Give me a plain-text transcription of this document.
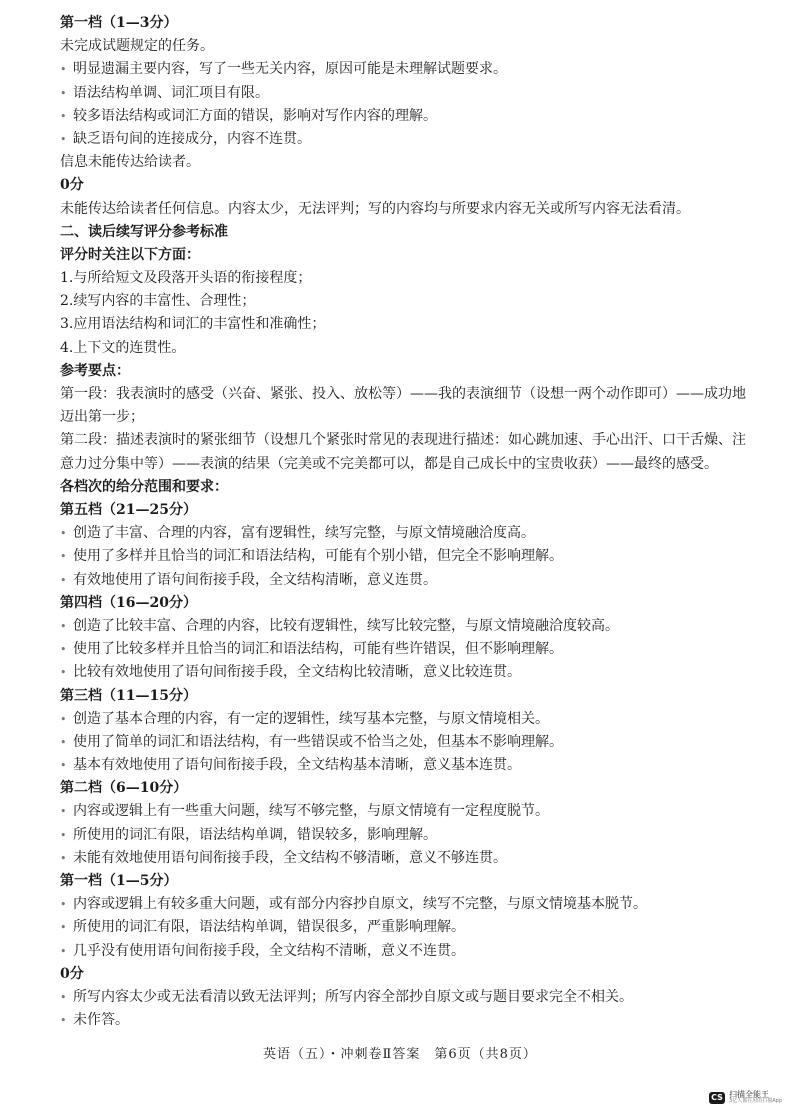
第一档（1—3分）
未完成试题规定的任务。
• 明显遗漏主要内容，写了一些无关内容，原因可能是未理解试题要求。
• 语法结构单调、词汇项目有限。
• 较多语法结构或词汇方面的错误，影响对写作内容的理解。
• 缺乏语句间的连接成分，内容不连贯。
信息未能传达给读者。
0分
未能传达给读者任何信息。内容太少，无法评判；写的内容均与所要求内容无关或所写内容无法看清。
二、读后续写评分参考标准
评分时关注以下方面：
1.与所给短文及段落开头语的衔接程度；
2.续写内容的丰富性、合理性；
3.应用语法结构和词汇的丰富性和准确性；
4.上下文的连贯性。
参考要点：
第一段：我表演时的感受（兴奋、紧张、投入、放松等）——我的表演细节（设想一两个动作即可）——成功地迈出第一步；
第二段：描述表演时的紧张细节（设想几个紧张时常见的表现进行描述：如心跳加速、手心出汗、口干舌燥、注意力过分集中等）——表演的结果（完美或不完美都可以，都是自己成长中的宝贵收获）——最终的感受。
各档次的给分范围和要求：
第五档（21—25分）
• 创造了丰富、合理的内容，富有逻辑性，续写完整，与原文情境融洽度高。
• 使用了多样并且恰当的词汇和语法结构，可能有个别小错，但完全不影响理解。
• 有效地使用了语句间衔接手段，全文结构清晰，意义连贯。
第四档（16—20分）
• 创造了比较丰富、合理的内容，比较有逻辑性，续写比较完整，与原文情境融洽度较高。
• 使用了比较多样并且恰当的词汇和语法结构，可能有些许错误，但不影响理解。
• 比较有效地使用了语句间衔接手段，全文结构比较清晰，意义比较连贯。
第三档（11—15分）
• 创造了基本合理的内容，有一定的逻辑性，续写基本完整，与原文情境相关。
• 使用了简单的词汇和语法结构，有一些错误或不恰当之处，但基本不影响理解。
• 基本有效地使用了语句间衔接手段，全文结构基本清晰，意义基本连贯。
第二档（6—10分）
• 内容或逻辑上有一些重大问题，续写不够完整，与原文情境有一定程度脱节。
• 所使用的词汇有限，语法结构单调，错误较多，影响理解。
• 未能有效地使用语句间衔接手段，全文结构不够清晰，意义不够连贯。
第一档（1—5分）
• 内容或逻辑上有较多重大问题，或有部分内容抄自原文，续写不完整，与原文情境基本脱节。
• 所使用的词汇有限，语法结构单调，错误很多，严重影响理解。
• 几乎没有使用语句间衔接手段，全文结构不清晰，意义不连贯。
0分
• 所写内容太少或无法看清以致无法评判；所写内容全部抄自原文或与题目要求完全不相关。
• 未作答。
英语（五）・冲刺卷Ⅱ答案　第6页（共8页）
CS 扫描全能王
3亿人都在用的扫描App
